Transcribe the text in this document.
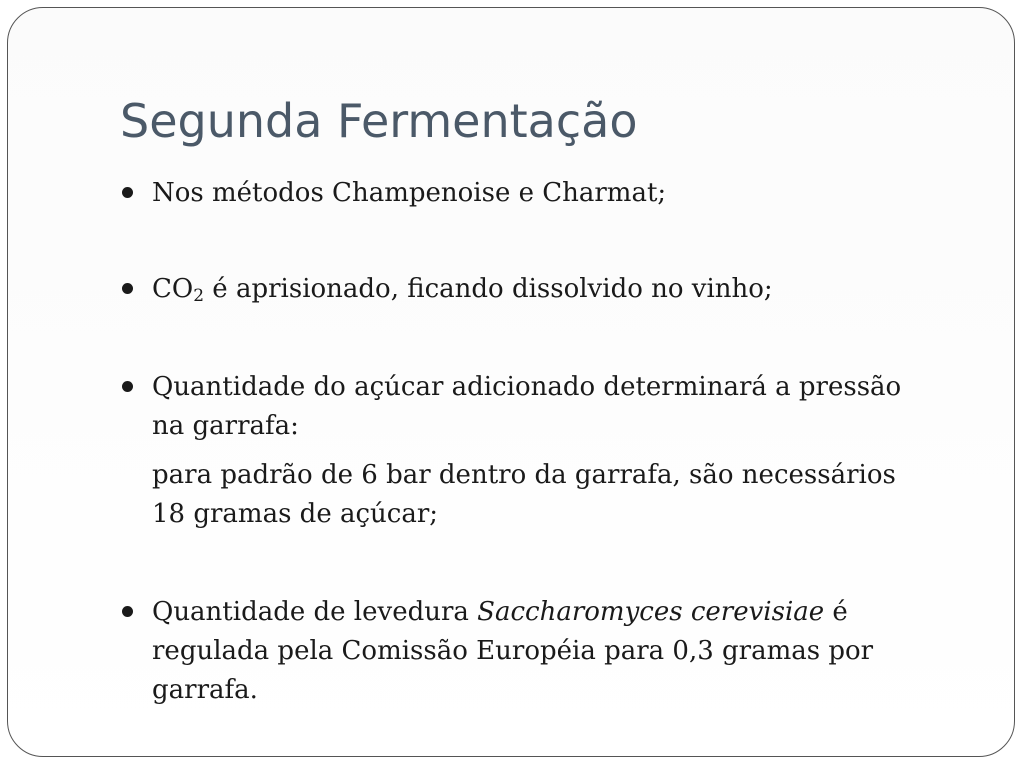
Segunda Fermentação
Nos métodos Champenoise e Charmat;
$CO_2$ é aprisionado, ficando dissolvido no vinho;
Quantidade do açúcar adicionado determinará a pressão na garrafa:
para padrão de 6 bar dentro da garrafa, são necessários 18 gramas de açúcar;
Quantidade de levedura Saccharomyces cerevisiae é regulada pela Comissão Européia para 0,3 gramas por garrafa.
